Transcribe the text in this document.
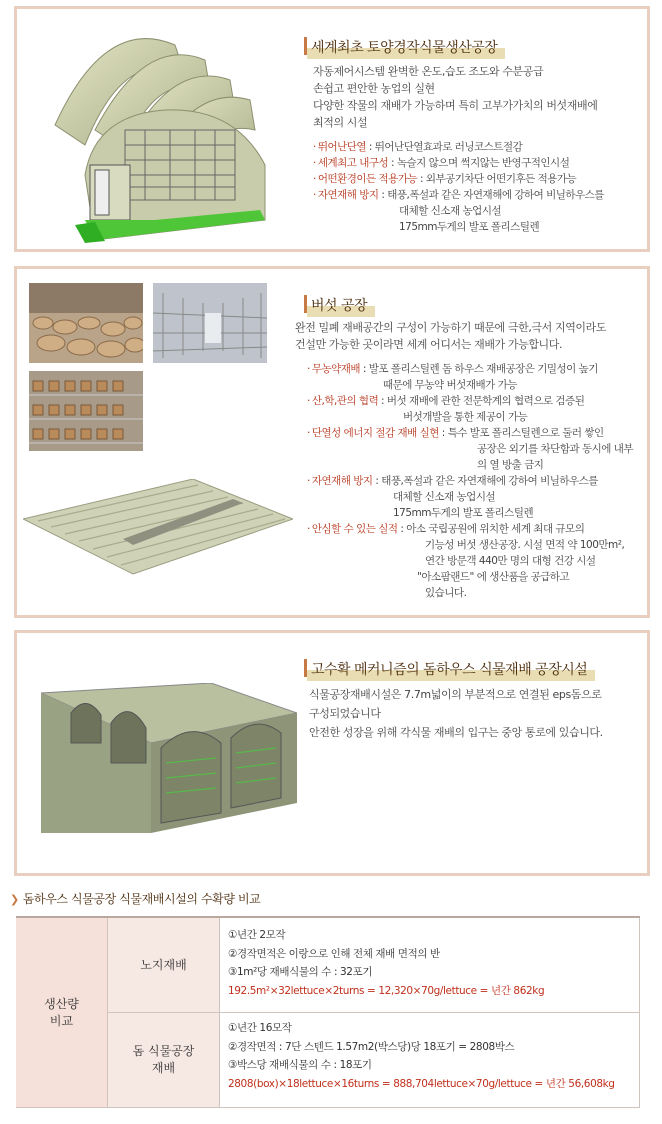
세계최초 토양경작식물생산공장
자동제어시스템 완벽한 온도,습도 조도와 수분공급
손쉽고 편안한 농업의 실현
다양한 작물의 재배가 가능하며 특히 고부가가치의 버섯재배에
최적의 시설
· 뛰어난단열 : 뛰어난단열효과로 러닝코스트절감
· 세계최고 내구성 : 녹슬지 않으며 썩지않는 반영구적인시설
· 어떤환경이든 적용가능 : 외부공기차단 어떤기후든 적용가능
· 자연재해 방지 : 태풍,폭설과 같은 자연재해에 강하여 비닐하우스를
대체할 신소재 농업시설
175mm두게의 발포 폴리스틸렌
버섯 공장
완전 밀폐 재배공간의 구성이 가능하기 때문에 극한,극서 지역이라도
건설만 가능한 곳이라면 세계 어디서는 재배가 가능합니다.
· 무농약재배 : 발포 폴리스틸렌 돔 하우스 재배공장은 기밀성이 높기
때문에 무농약 버섯재배가 가능
· 산,학,관의 협력 : 버섯 재배에 관한 전문학계의 협력으로 검증된
버섯개발을 통한 제공이 가능
· 단열성 에너지 절감 재배 실현 : 특수 발포 폴리스틸렌으로 둘러 쌓인
공장은 외기를 차단함과 동시에 내부
의 열 방출 금지
· 자연재해 방지 : 태풍,폭설과 같은 자연재해에 강하여 비닐하우스를
대체할 신소재 농업시설
175mm두게의 발포 폴리스틸렌
· 안심할 수 있는 실적 : 아소 국립공원에 위치한 세계 최대 규모의
기능성 버섯 생산공장. 시설 면적 약 100만m²,
연간 방문객 440만 명의 대형 건강 시설
"아소팜랜드" 에 생산품을 공급하고
있습니다.
고수확 메커니즘의 돔하우스 식물재배 공장시설
식물공장재배시설은 7.7m넓이의 부분적으로 연결된 eps돔으로
구성되었습니다
안전한 성장을 위해 각식물 재배의 입구는 중앙 통로에 있습니다.
❯ 돔하우스 식물공장 식물재배시설의 수확량 비교
생산량
비교
노지재배
①년간 2모작
②경작면적은 이랑으로 인해 전체 재배 면적의 반
③1m²당 재배식물의 수 : 32포기
192.5m²×32lettuce×2turns = 12,320×70g/lettuce = 년간 862kg
돔 식물공장
재배
①년간 16모작
②경작면적 : 7단 스텐드 1.57m2(박스당)당 18포기 = 2808박스
③박스당 재배식물의 수 : 18포기
2808(box)×18lettuce×16turns = 888,704lettuce×70g/lettuce = 년간 56,608kg
